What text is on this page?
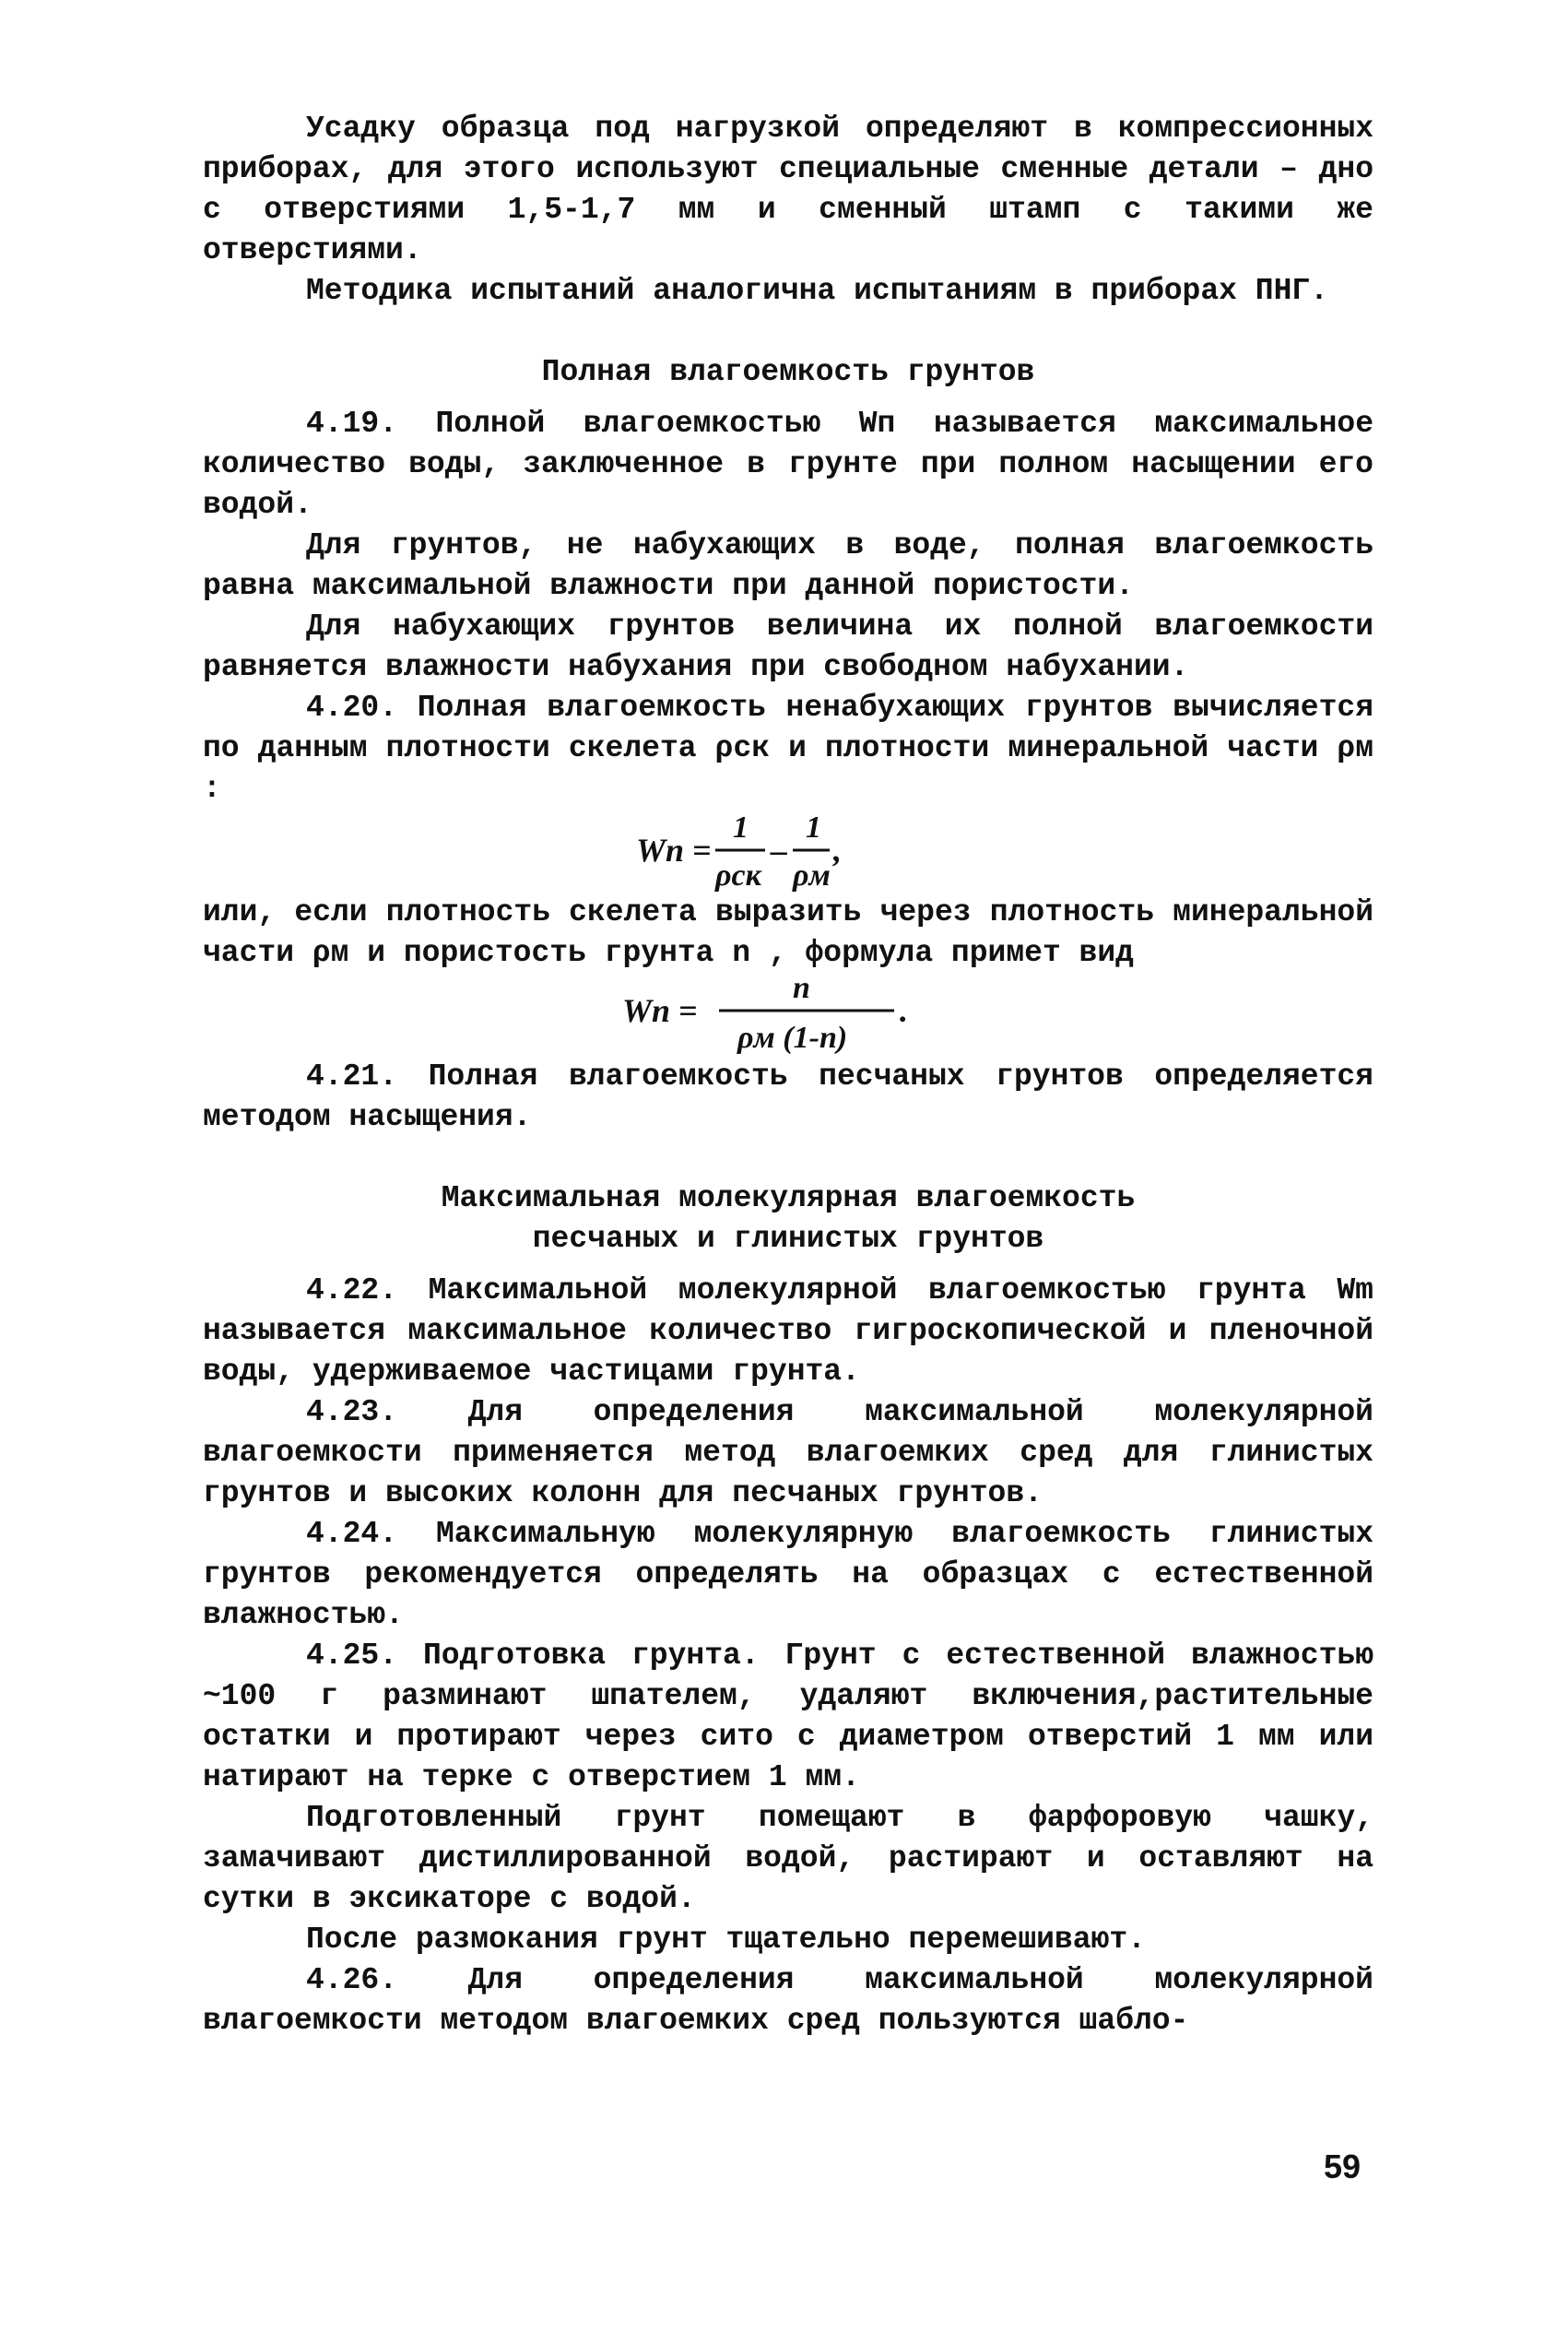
Усадку образца под нагрузкой определяют в компрессионных приборах, для этого используют специальные сменные детали – дно с отверстиями 1,5-1,7 мм и сменный штамп с такими же отверстиями.

Методика испытаний аналогична испытаниям в приборах ПНГ.

Полная влагоемкость грунтов

4.19. Полной влагоемкостью Wп называется максимальное количество воды, заключенное в грунте при полном насыщении его водой.

Для грунтов, не набухающих в воде, полная влагоемкость равна максимальной влажности при данной пористости.

Для набухающих грунтов величина их полной влагоемкости равняется влажности набухания при свободном набухании.

4.20. Полная влагоемкость ненабухающих грунтов вычисляется по данным плотности скелета ρск и плотности минеральной части ρм :

Wп =
1
ρск
–
1
ρм
,

или, если плотность скелета выразить через плотность минеральной части ρм и пористость грунта n , формула примет вид

Wп =
n
ρм (1-n)
.

4.21. Полная влагоемкость песчаных грунтов определяется методом насыщения.

Максимальная молекулярная влагоемкость
песчаных и глинистых грунтов

4.22. Максимальной молекулярной влагоемкостью грунта Wm называется максимальное количество гигроскопической и пленочной воды, удерживаемое частицами грунта.

4.23. Для определения максимальной молекулярной влагоемкости применяется метод влагоемких сред для глинистых грунтов и высоких колонн для песчаных грунтов.

4.24. Максимальную молекулярную влагоемкость глинистых грунтов рекомендуется определять на образцах с естественной влажностью.

4.25. Подготовка грунта. Грунт с естественной влажностью ~100 г разминают шпателем, удаляют включения,растительные остатки и протирают через сито с диаметром отверстий 1 мм или натирают на терке с отверстием 1 мм.

Подготовленный грунт помещают в фарфоровую чашку, замачивают дистиллированной водой, растирают и оставляют на сутки в эксикаторе с водой.

После размокания грунт тщательно перемешивают.

4.26. Для определения максимальной молекулярной влагоемкости методом влагоемких сред пользуются шабло-

59
